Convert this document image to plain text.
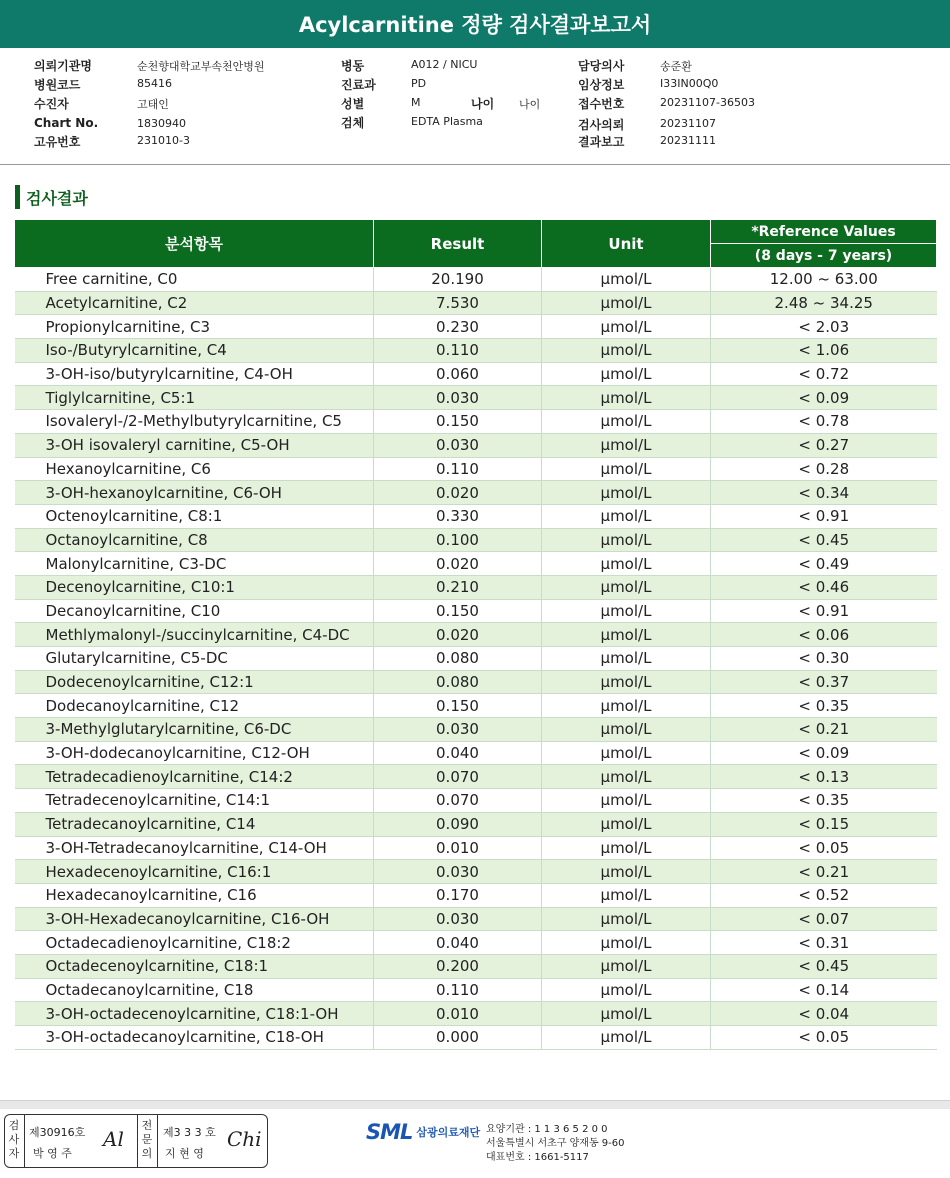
Acylcarnitine 정량 검사결과보고서
의뢰기관명	순천향대학교부속천안병원
병원코드	85416
수진자	고태인
Chart No.	1830940
고유번호	231010-3
병동	A012 / NICU
진료과	PD
성별	M	나이 나이
검체	EDTA Plasma
담당의사	송준환
임상정보	I33IN00Q0
접수번호	20231107-36503
검사의뢰	20231107
결과보고	20231111
검사결과
분석항목	Result	Unit	*Reference Values
			(8 days - 7 years)
Free carnitine, C0	20.190	μmol/L	12.00 ~ 63.00
Acetylcarnitine, C2	7.530	μmol/L	2.48 ~ 34.25
Propionylcarnitine, C3	0.230	μmol/L	< 2.03
Iso-/Butyrylcarnitine, C4	0.110	μmol/L	< 1.06
3-OH-iso/butyrylcarnitine, C4-OH	0.060	μmol/L	< 0.72
Tiglylcarnitine, C5:1	0.030	μmol/L	< 0.09
Isovaleryl-/2-Methylbutyrylcarnitine, C5	0.150	μmol/L	< 0.78
3-OH isovaleryl carnitine, C5-OH	0.030	μmol/L	< 0.27
Hexanoylcarnitine, C6	0.110	μmol/L	< 0.28
3-OH-hexanoylcarnitine, C6-OH	0.020	μmol/L	< 0.34
Octenoylcarnitine, C8:1	0.330	μmol/L	< 0.91
Octanoylcarnitine, C8	0.100	μmol/L	< 0.45
Malonylcarnitine, C3-DC	0.020	μmol/L	< 0.49
Decenoylcarnitine, C10:1	0.210	μmol/L	< 0.46
Decanoylcarnitine, C10	0.150	μmol/L	< 0.91
Methlymalonyl-/succinylcarnitine, C4-DC	0.020	μmol/L	< 0.06
Glutarylcarnitine, C5-DC	0.080	μmol/L	< 0.30
Dodecenoylcarnitine, C12:1	0.080	μmol/L	< 0.37
Dodecanoylcarnitine, C12	0.150	μmol/L	< 0.35
3-Methylglutarylcarnitine, C6-DC	0.030	μmol/L	< 0.21
3-OH-dodecanoylcarnitine, C12-OH	0.040	μmol/L	< 0.09
Tetradecadienoylcarnitine, C14:2	0.070	μmol/L	< 0.13
Tetradecenoylcarnitine, C14:1	0.070	μmol/L	< 0.35
Tetradecanoylcarnitine, C14	0.090	μmol/L	< 0.15
3-OH-Tetradecanoylcarnitine, C14-OH	0.010	μmol/L	< 0.05
Hexadecenoylcarnitine, C16:1	0.030	μmol/L	< 0.21
Hexadecanoylcarnitine, C16	0.170	μmol/L	< 0.52
3-OH-Hexadecanoylcarnitine, C16-OH	0.030	μmol/L	< 0.07
Octadecadienoylcarnitine, C18:2	0.040	μmol/L	< 0.31
Octadecenoylcarnitine, C18:1	0.200	μmol/L	< 0.45
Octadecanoylcarnitine, C18	0.110	μmol/L	< 0.14
3-OH-octadecenoylcarnitine, C18:1-OH	0.010	μmol/L	< 0.04
3-OH-octadecanoylcarnitine, C18-OH	0.000	μmol/L	< 0.05
검사자
제30916호
박 영 주
Al
전문의
제3 3 3 호
지 현 영
Chi	SML 삼광의료재단 요양기관 : 1 1 3 6 5 2 0 0
서울특별시 서초구 양재동 9-60
대표번호 : 1661-5117
